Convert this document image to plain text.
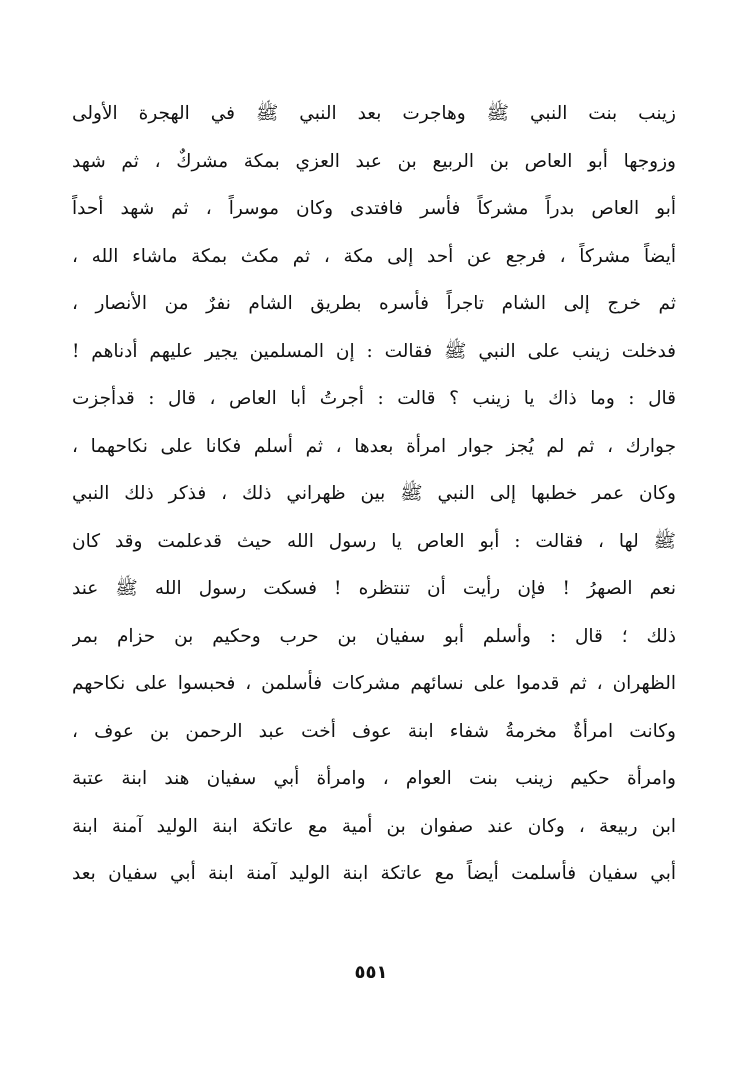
زينب بنت النبي ﷺ وهاجرت بعد النبي ﷺ في الهجرة الأولى
وزوجها أبو العاص بن الربيع بن عبد العزي بمكة مشركٌ ، ثم شهد
أبو العاص بدراً مشركاً فأسر فافتدى وكان موسراً ، ثم شهد أحداً
أيضاً مشركاً ، فرجع عن أحد إلى مكة ، ثم مكث بمكة ماشاء الله ،
ثم خرج إلى الشام تاجراً فأسره بطريق الشام نفرٌ من الأنصار ،
فدخلت زينب على النبي ﷺ فقالت : إن المسلمين يجير عليهم أدناهم !
قال : وما ذاك يا زينب ؟ قالت : أجرتُ أبا العاص ، قال : قدأجزت
جوارك ، ثم لم يُجز جوار امرأة بعدها ، ثم أسلم فكانا على نكاحهما ،
وكان عمر خطبها إلى النبي ﷺ بين ظهراني ذلك ، فذكر ذلك النبي
ﷺ لها ، فقالت : أبو العاص يا رسول الله حيث قدعلمت وقد كان
نعم الصهرُ ! فإن رأيت أن تنتظره ! فسكت رسول الله ﷺ عند
ذلك ؛ قال : وأسلم أبو سفيان بن حرب وحكيم بن حزام بمر
الظهران ، ثم قدموا على نسائهم مشركات فأسلمن ، فحبسوا على نكاحهم
وكانت امرأةٌ مخرمةُ شفاء ابنة عوف أخت عبد الرحمن بن عوف ،
وامرأة حكيم زينب بنت العوام ، وامرأة أبي سفيان هند ابنة عتبة
ابن ربيعة ، وكان عند صفوان بن أمية مع عاتكة ابنة الوليد آمنة ابنة
أبي سفيان فأسلمت أيضاً مع عاتكة ابنة الوليد آمنة ابنة أبي سفيان بعد
٥٥١
